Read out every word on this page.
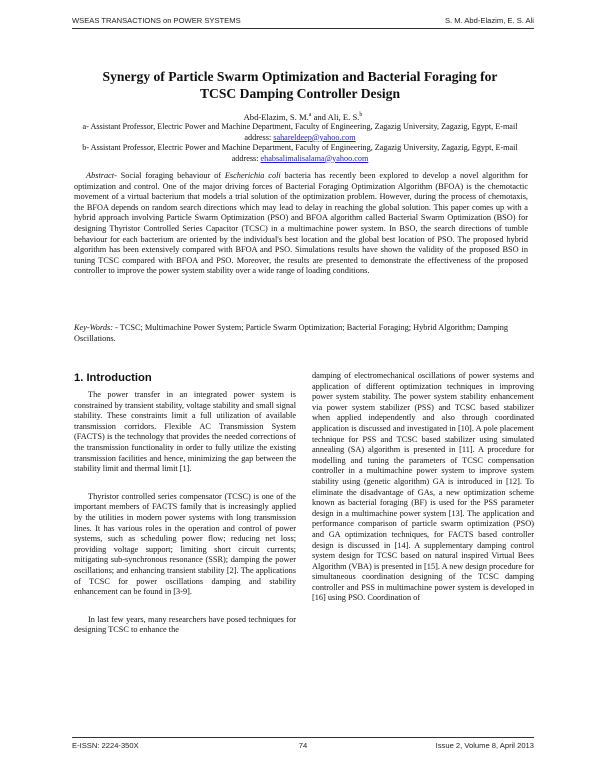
WSEAS TRANSACTIONS on POWER SYSTEMS	S. M. Abd-Elazim, E. S. Ali
Synergy of Particle Swarm Optimization and Bacterial Foraging for
TCSC Damping Controller Design
Abd-Elazim, S. M.$^a$ and Ali, E. S.$^b$
a- Assistant Professor, Electric Power and Machine Department, Faculty of Engineering, Zagazig University, Zagazig, Egypt, E-mail address: sahareldeep@yahoo.com
b- Assistant Professor, Electric Power and Machine Department, Faculty of Engineering, Zagazig University, Zagazig, Egypt, E-mail address: ehabsalimalisalama@yahoo.com
Abstract- Social foraging behaviour of Escherichia coli bacteria has recently been explored to develop a novel algorithm for optimization and control. One of the major driving forces of Bacterial Foraging Optimization Algorithm (BFOA) is the chemotactic movement of a virtual bacterium that models a trial solution of the optimization problem. However, during the process of chemotaxis, the BFOA depends on random search directions which may lead to delay in reaching the global solution. This paper comes up with a hybrid approach involving Particle Swarm Optimization (PSO) and BFOA algorithm called Bacterial Swarm Optimization (BSO) for designing Thyristor Controlled Series Capacitor (TCSC) in a multimachine power system. In BSO, the search directions of tumble behaviour for each bacterium are oriented by the individual's best location and the global best location of PSO. The proposed hybrid algorithm has been extensively compared with BFOA and PSO. Simulations results have shown the validity of the proposed BSO in tuning TCSC compared with BFOA and PSO. Moreover, the results are presented to demonstrate the effectiveness of the proposed controller to improve the power system stability over a wide range of loading conditions.
Key-Words: - TCSC; Multimachine Power System; Particle Swarm Optimization; Bacterial Foraging; Hybrid Algorithm; Damping Oscillations.
1. Introduction

The power transfer in an integrated power system is constrained by transient stability, voltage stability and small signal stability. These constraints limit a full utilization of available transmission corridors. Flexible AC Transmission System (FACTS) is the technology that provides the needed corrections of the transmission functionality in order to fully utilize the existing transmission facilities and hence, minimizing the gap between the stability limit and thermal limit [1].

Thyristor controlled series compensator (TCSC) is one of the important members of FACTS family that is increasingly applied by the utilities in modern power systems with long transmission lines. It has various roles in the operation and control of power systems, such as scheduling power flow; reducing net loss; providing voltage support; limiting short circuit currents; mitigating sub-synchronous resonance (SSR); damping the power oscillations; and enhancing transient stability [2]. The applications of TCSC for power oscillations damping and stability enhancement can be found in [3-9].

In last few years, many researchers have posed techniques for designing TCSC to enhance the

damping of electromechanical oscillations of power systems and application of different optimization techniques in improving power system stability. The power system stability enhancement via power system stabilizer (PSS) and TCSC based stabilizer when applied independently and also through coordinated application is discussed and investigated in [10]. A pole placement technique for PSS and TCSC based stabilizer using simulated annealing (SA) algorithm is presented in [11]. A procedure for modelling and tuning the parameters of TCSC compensation controller in a multimachine power system to improve system stability using (genetic algorithm) GA is introduced in [12]. To eliminate the disadvantage of GAs, a new optimization scheme known as bacterial foraging (BF) is used for the PSS parameter design in a multimachine power system [13]. The application and performance comparison of particle swarm optimization (PSO) and GA optimization techniques, for FACTS based controller design is discussed in [14]. A supplementary damping control system design for TCSC based on natural inspired Virtual Bees Algorithm (VBA) is presented in [15]. A new design procedure for simultaneous coordination designing of the TCSC damping controller and PSS in multimachine power system is developed in [16] using PSO. Coordination of

E-ISSN: 2224-350X	74	Issue 2, Volume 8, April 2013
